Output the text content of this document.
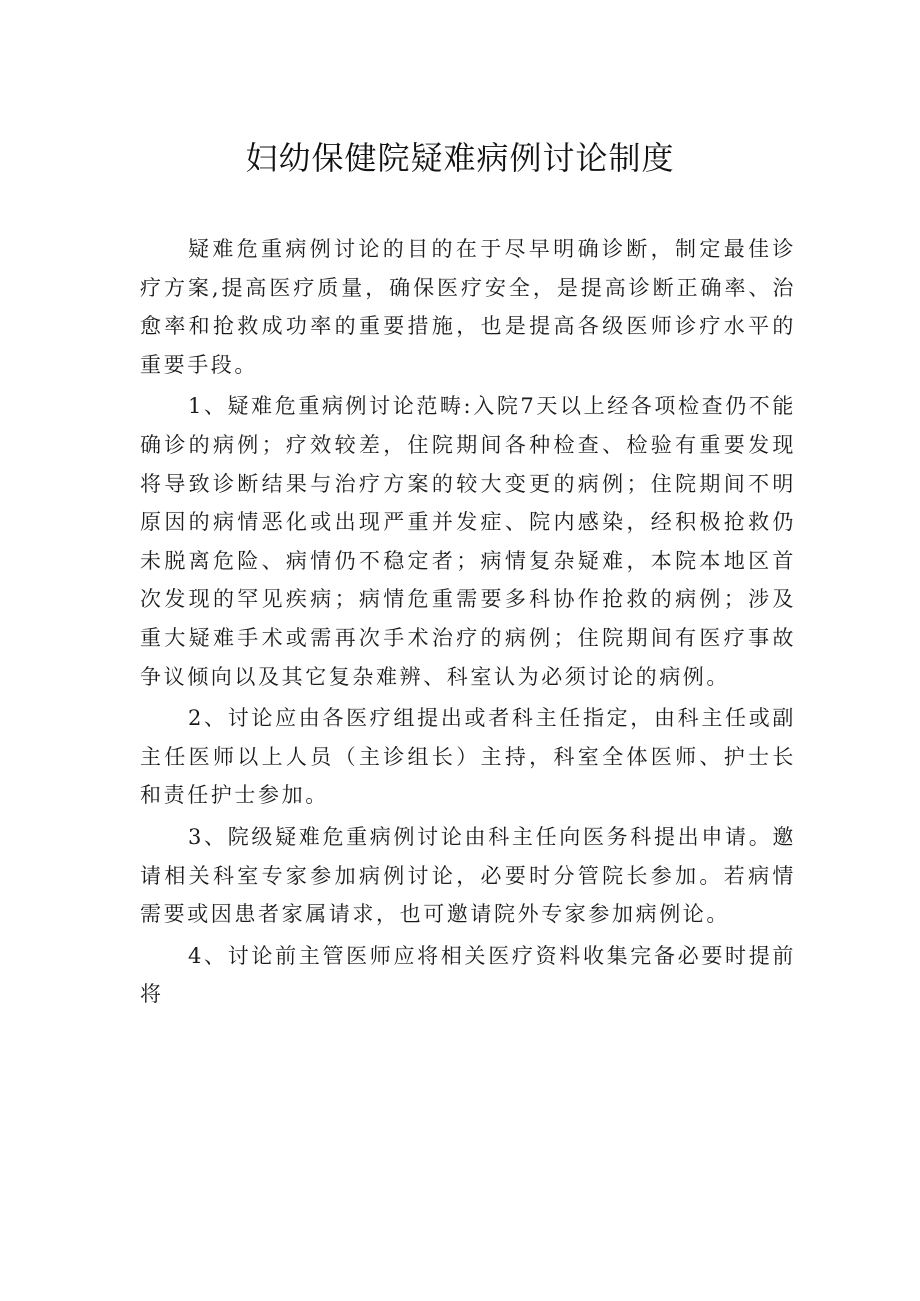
妇幼保健院疑难病例讨论制度

疑难危重病例讨论的目的在于尽早明确诊断，制定最佳诊疗方案,提高医疗质量，确保医疗安全，是提高诊断正确率、治愈率和抢救成功率的重要措施，也是提高各级医师诊疗水平的重要手段。

1、疑难危重病例讨论范畴:入院7天以上经各项检查仍不能确诊的病例；疗效较差，住院期间各种检查、检验有重要发现将导致诊断结果与治疗方案的较大变更的病例；住院期间不明原因的病情恶化或出现严重并发症、院内感染，经积极抢救仍未脱离危险、病情仍不稳定者；病情复杂疑难，本院本地区首次发现的罕见疾病；病情危重需要多科协作抢救的病例；涉及重大疑难手术或需再次手术治疗的病例；住院期间有医疗事故争议倾向以及其它复杂难辨、科室认为必须讨论的病例。

2、讨论应由各医疗组提出或者科主任指定，由科主任或副主任医师以上人员（主诊组长）主持，科室全体医师、护士长和责任护士参加。

3、院级疑难危重病例讨论由科主任向医务科提出申请。邀请相关科室专家参加病例讨论，必要时分管院长参加。若病情需要或因患者家属请求，也可邀请院外专家参加病例论。

4、讨论前主管医师应将相关医疗资料收集完备必要时提前将
